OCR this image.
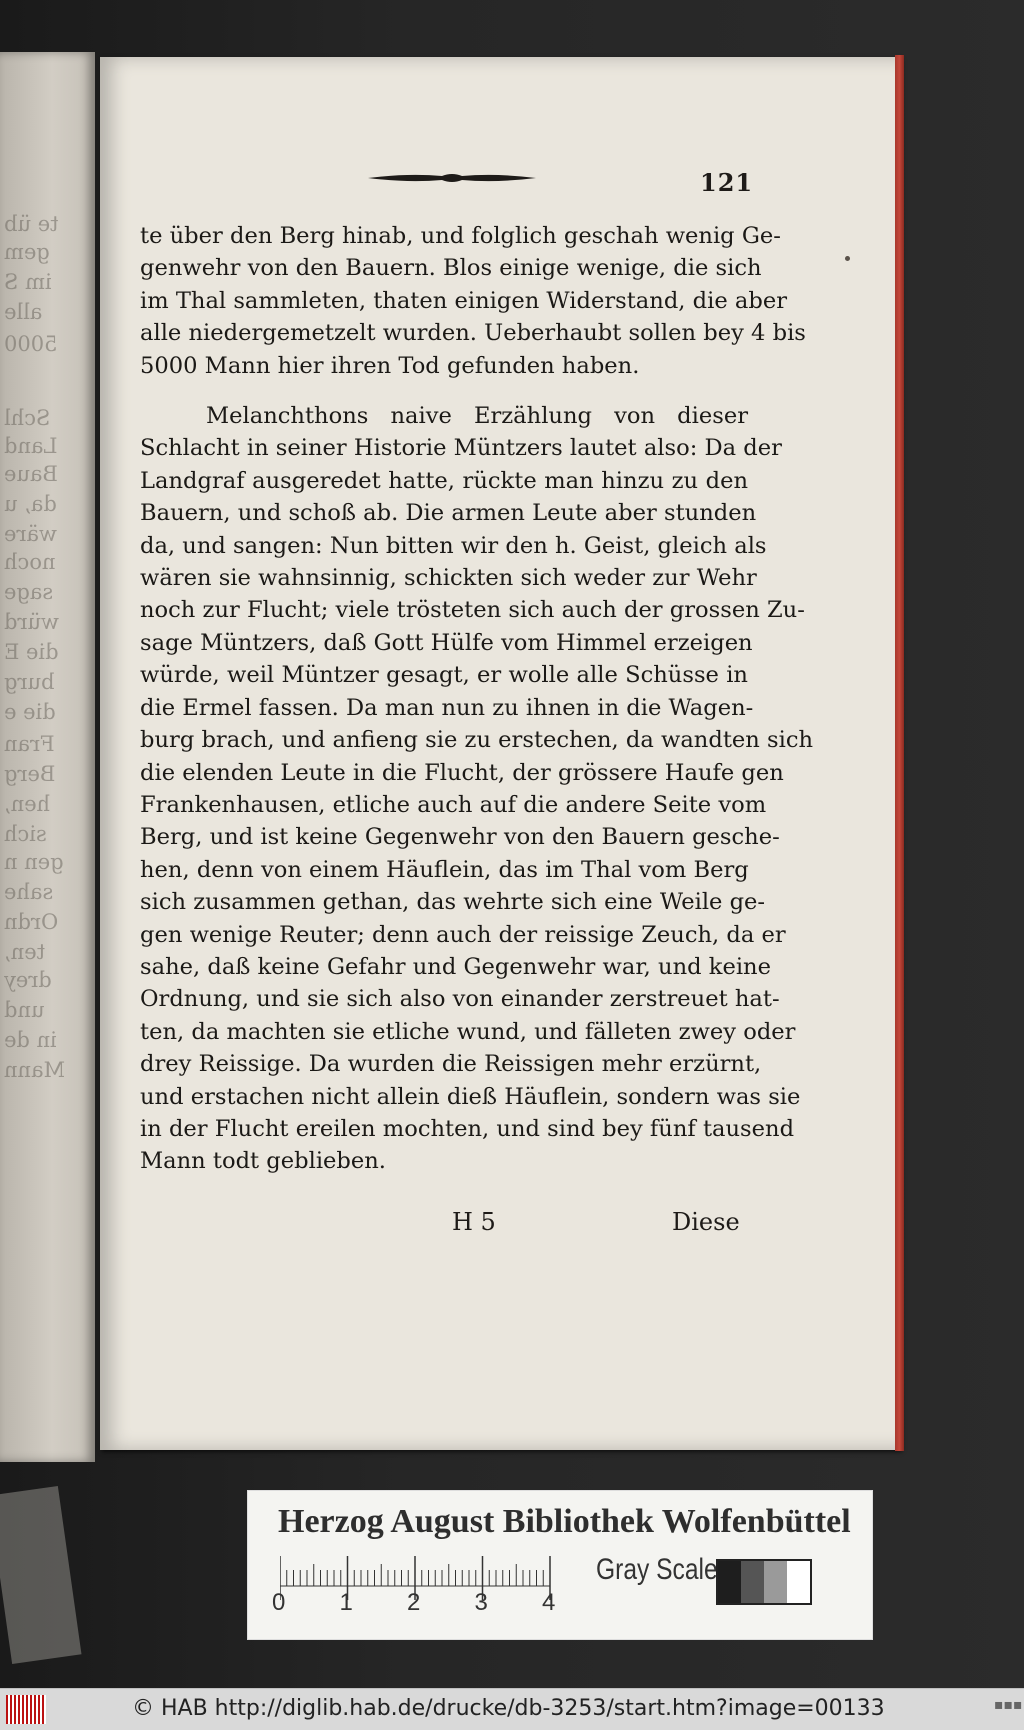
te üb
gem
im S
alle
5000
Schl
Land
Baue
da, u
wäre
noch
sage
würd
die E
burg
die e
Fran
Berg
hen,
sich
gen n
sahe
Ordn
ten,
drey
und
in de
Mann
121
te über den Berg hinab, und folglich geschah wenig Ge-
genwehr von den Bauern. Blos einige wenige, die sich
im Thal sammleten, thaten einigen Widerstand, die aber
alle niedergemetzelt wurden. Ueberhaubt sollen bey 4 bis
5000 Mann hier ihren Tod gefunden haben.
Melanchthons naive Erzählung von dieser
Schlacht in seiner Historie Müntzers lautet also: Da der
Landgraf ausgeredet hatte, rückte man hinzu zu den
Bauern, und schoß ab. Die armen Leute aber stunden
da, und sangen: Nun bitten wir den h. Geist, gleich als
wären sie wahnsinnig, schickten sich weder zur Wehr
noch zur Flucht; viele trösteten sich auch der grossen Zu-
sage Müntzers, daß Gott Hülfe vom Himmel erzeigen
würde, weil Müntzer gesagt, er wolle alle Schüsse in
die Ermel fassen. Da man nun zu ihnen in die Wagen-
burg brach, und anfieng sie zu erstechen, da wandten sich
die elenden Leute in die Flucht, der grössere Haufe gen
Frankenhausen, etliche auch auf die andere Seite vom
Berg, und ist keine Gegenwehr von den Bauern gesche-
hen, denn von einem Häuflein, das im Thal vom Berg
sich zusammen gethan, das wehrte sich eine Weile ge-
gen wenige Reuter; denn auch der reissige Zeuch, da er
sahe, daß keine Gefahr und Gegenwehr war, und keine
Ordnung, und sie sich also von einander zerstreuet hat-
ten, da machten sie etliche wund, und fälleten zwey oder
drey Reissige. Da wurden die Reissigen mehr erzürnt,
und erstachen nicht allein dieß Häuflein, sondern was sie
in der Flucht ereilen mochten, und sind bey fünf tausend
Mann todt geblieben.
H 5	Diese
Herzog August Bibliothek Wolfenbüttel
0 1 2 3 4
Gray Scale
© HAB http://diglib.hab.de/drucke/db-3253/start.htm?image=00133	▪▪▪
